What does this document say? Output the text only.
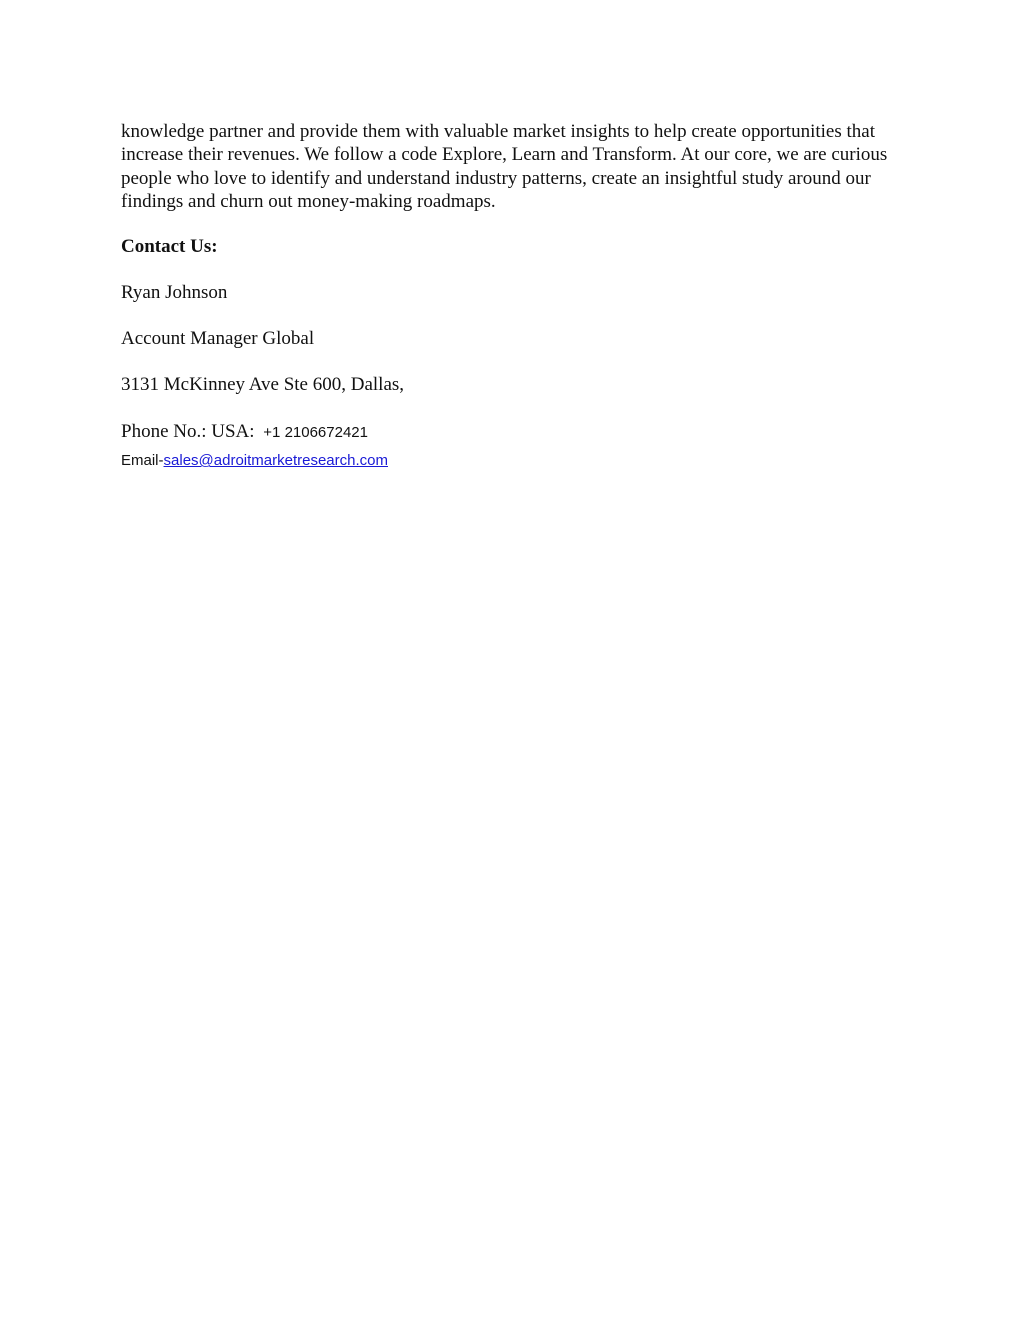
knowledge partner and provide them with valuable market insights to help create opportunities that increase their revenues. We follow a code Explore, Learn and Transform. At our core, we are curious people who love to identify and understand industry patterns, create an insightful study around our findings and churn out money-making roadmaps.

Contact Us:

Ryan Johnson

Account Manager Global

3131 McKinney Ave Ste 600, Dallas,

Phone No.: USA: +1 2106672421

Email-sales@adroitmarketresearch.com
